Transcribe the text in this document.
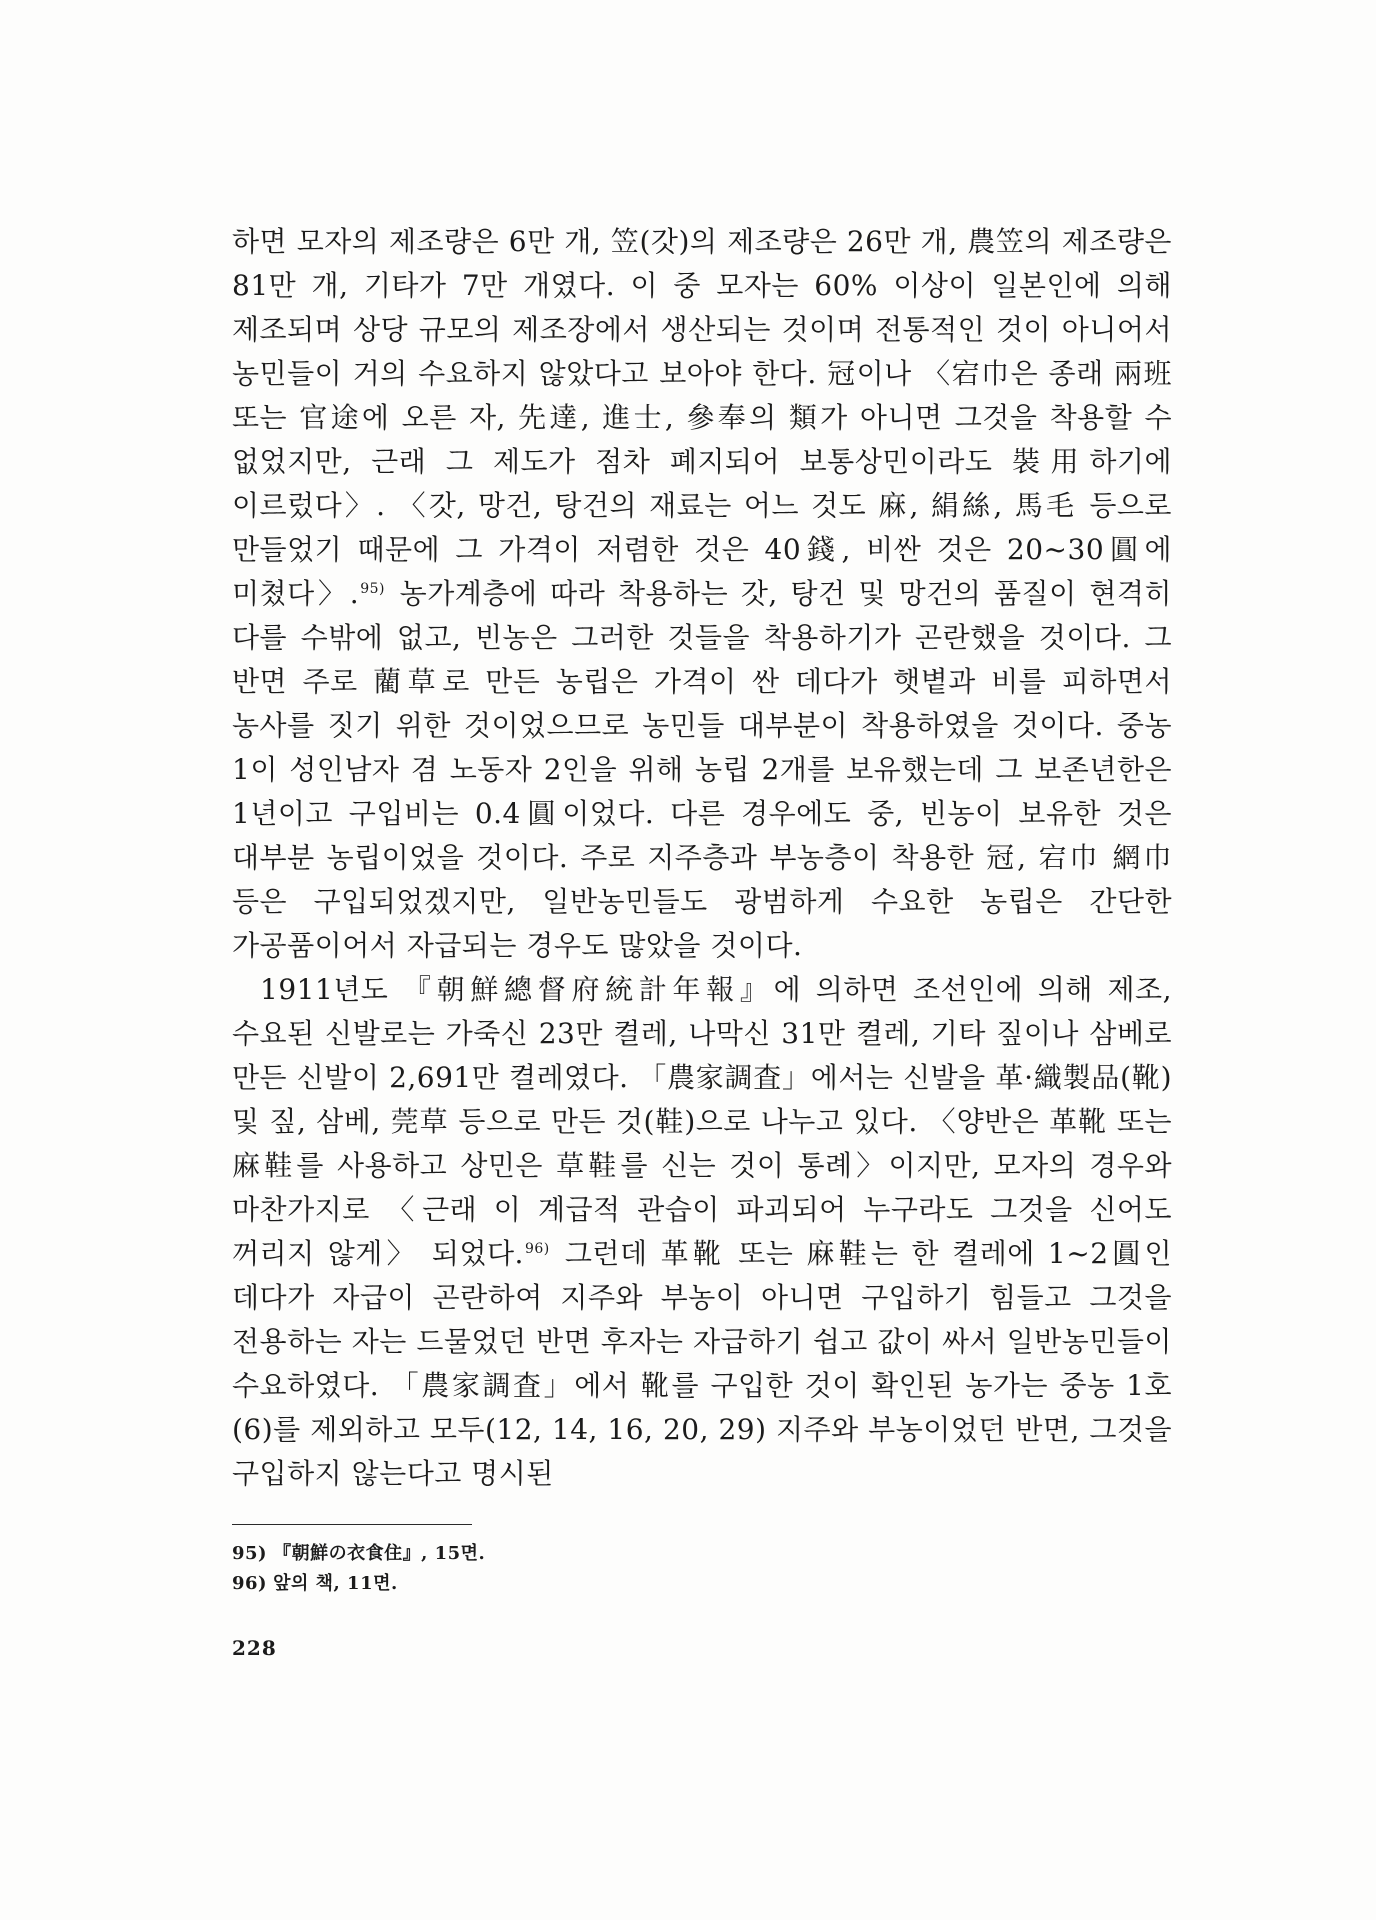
하면 모자의 제조량은 6만 개, 笠(갓)의 제조량은 26만 개, 農笠의 제조량은 81만 개, 기타가 7만 개였다. 이 중 모자는 60% 이상이 일본인에 의해 제조되며 상당 규모의 제조장에서 생산되는 것이며 전통적인 것이 아니어서 농민들이 거의 수요하지 않았다고 보아야 한다. 冠이나 〈宕巾은 종래 兩班 또는 官途에 오른 자, 先達, 進士, 參奉의 類가 아니면 그것을 착용할 수 없었지만, 근래 그 제도가 점차 폐지되어 보통상민이라도 裝用하기에 이르렀다〉. 〈갓, 망건, 탕건의 재료는 어느 것도 麻, 絹絲, 馬毛 등으로 만들었기 때문에 그 가격이 저렴한 것은 40錢, 비싼 것은 20~30圓에 미쳤다〉.$^{95)}$ 농가계층에 따라 착용하는 갓, 탕건 및 망건의 품질이 현격히 다를 수밖에 없고, 빈농은 그러한 것들을 착용하기가 곤란했을 것이다. 그 반면 주로 藺草로 만든 농립은 가격이 싼 데다가 햇볕과 비를 피하면서 농사를 짓기 위한 것이었으므로 농민들 대부분이 착용하였을 것이다. 중농 1이 성인남자 겸 노동자 2인을 위해 농립 2개를 보유했는데 그 보존년한은 1년이고 구입비는 0.4圓이었다. 다른 경우에도 중, 빈농이 보유한 것은 대부분 농립이었을 것이다. 주로 지주층과 부농층이 착용한 冠, 宕巾 網巾 등은 구입되었겠지만, 일반농민들도 광범하게 수요한 농립은 간단한 가공품이어서 자급되는 경우도 많았을 것이다.

1911년도 『朝鮮總督府統計年報』에 의하면 조선인에 의해 제조, 수요된 신발로는 가죽신 23만 켤레, 나막신 31만 켤레, 기타 짚이나 삼베로 만든 신발이 2,691만 켤레였다. 「農家調査」에서는 신발을 革·織製品(靴) 및 짚, 삼베, 莞草 등으로 만든 것(鞋)으로 나누고 있다. 〈양반은 革靴 또는 麻鞋를 사용하고 상민은 草鞋를 신는 것이 통례〉이지만, 모자의 경우와 마찬가지로 〈근래 이 계급적 관습이 파괴되어 누구라도 그것을 신어도 꺼리지 않게〉 되었다.$^{96)}$ 그런데 革靴 또는 麻鞋는 한 켤레에 1~2圓인 데다가 자급이 곤란하여 지주와 부농이 아니면 구입하기 힘들고 그것을 전용하는 자는 드물었던 반면 후자는 자급하기 쉽고 값이 싸서 일반농민들이 수요하였다. 「農家調査」에서 靴를 구입한 것이 확인된 농가는 중농 1호(6)를 제외하고 모두(12, 14, 16, 20, 29) 지주와 부농이었던 반면, 그것을 구입하지 않는다고 명시된

95) 『朝鮮の衣食住』, 15면.
96) 앞의 책, 11면.
228
